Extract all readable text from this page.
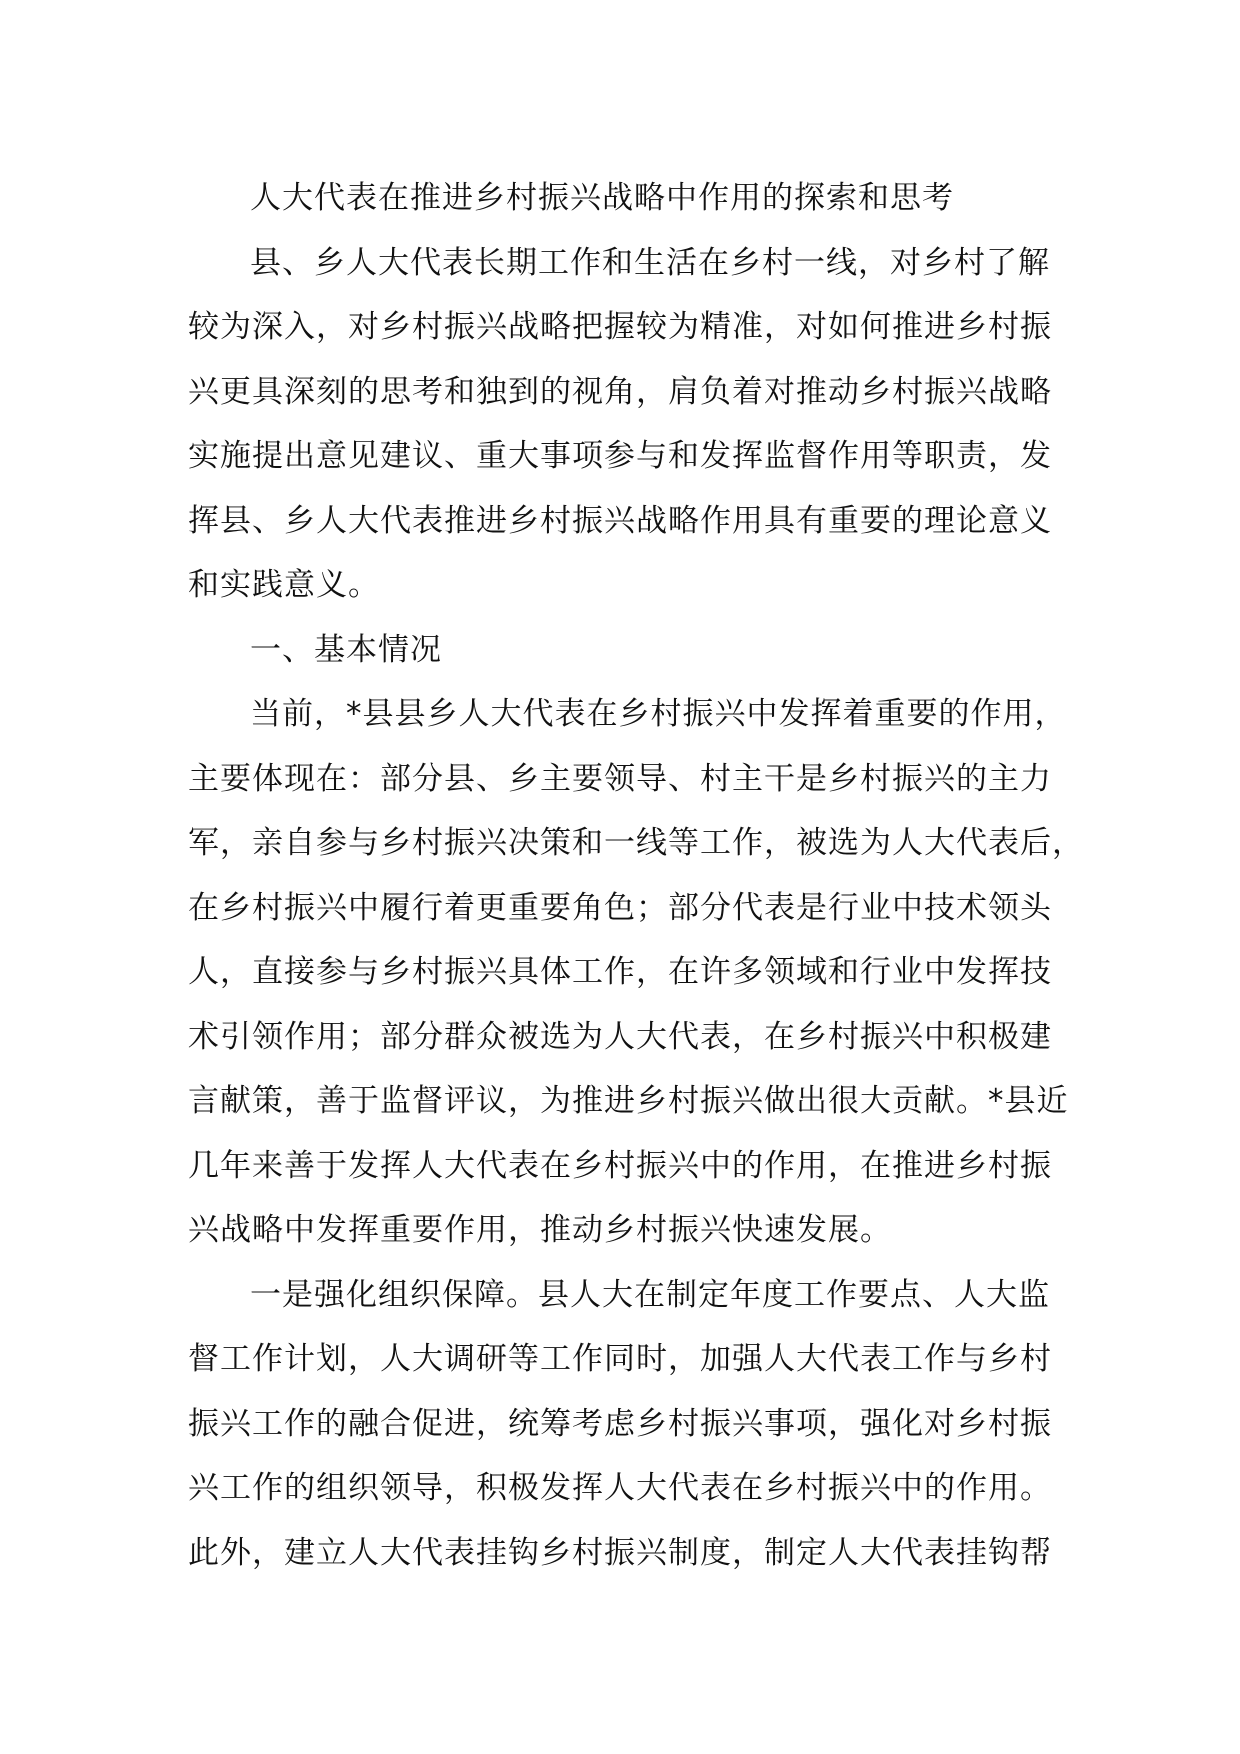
人大代表在推进乡村振兴战略中作用的探索和思考
县、乡人大代表长期工作和生活在乡村一线，对乡村了解
较为深入，对乡村振兴战略把握较为精准，对如何推进乡村振
兴更具深刻的思考和独到的视角，肩负着对推动乡村振兴战略
实施提出意见建议、重大事项参与和发挥监督作用等职责，发
挥县、乡人大代表推进乡村振兴战略作用具有重要的理论意义
和实践意义。
一、基本情况
当前，*县县乡人大代表在乡村振兴中发挥着重要的作用，
主要体现在：部分县、乡主要领导、村主干是乡村振兴的主力
军，亲自参与乡村振兴决策和一线等工作，被选为人大代表后，
在乡村振兴中履行着更重要角色；部分代表是行业中技术领头
人，直接参与乡村振兴具体工作，在许多领域和行业中发挥技
术引领作用；部分群众被选为人大代表，在乡村振兴中积极建
言献策，善于监督评议，为推进乡村振兴做出很大贡献。*县近
几年来善于发挥人大代表在乡村振兴中的作用，在推进乡村振
兴战略中发挥重要作用，推动乡村振兴快速发展。
一是强化组织保障。县人大在制定年度工作要点、人大监
督工作计划，人大调研等工作同时，加强人大代表工作与乡村
振兴工作的融合促进，统筹考虑乡村振兴事项，强化对乡村振
兴工作的组织领导，积极发挥人大代表在乡村振兴中的作用。
此外，建立人大代表挂钩乡村振兴制度，制定人大代表挂钩帮
